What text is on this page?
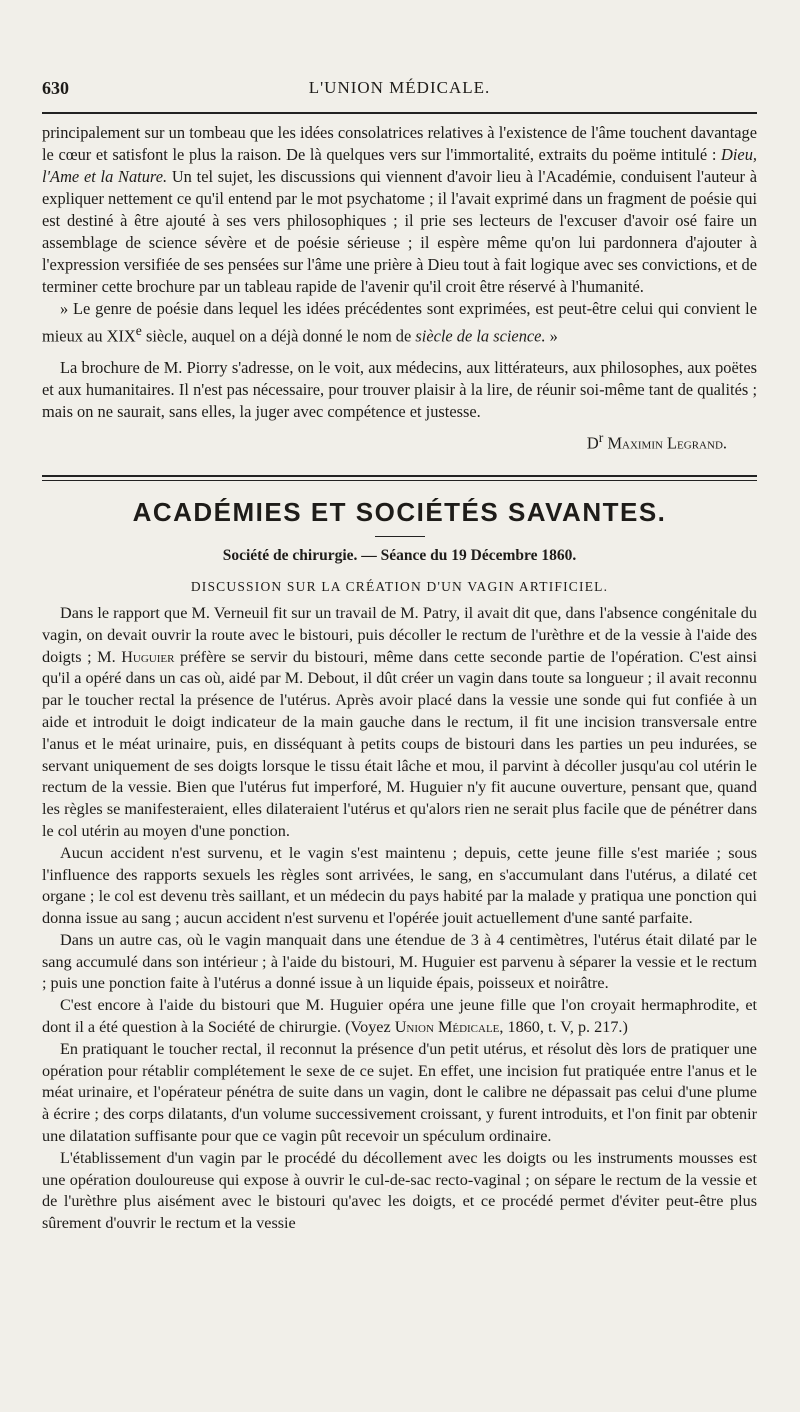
630	L'UNION MÉDICALE.

principalement sur un tombeau que les idées consolatrices relatives à l'existence de l'âme touchent davantage le cœur et satisfont le plus la raison. De là quelques vers sur l'immortalité, extraits du poëme intitulé : Dieu, l'Ame et la Nature. Un tel sujet, les discussions qui viennent d'avoir lieu à l'Académie, conduisent l'auteur à expliquer nettement ce qu'il entend par le mot psychatome ; il l'avait exprimé dans un fragment de poésie qui est destiné à être ajouté à ses vers philosophiques ; il prie ses lecteurs de l'excuser d'avoir osé faire un assemblage de science sévère et de poésie sérieuse ; il espère même qu'on lui pardonnera d'ajouter à l'expression versifiée de ses pensées sur l'âme une prière à Dieu tout à fait logique avec ses convictions, et de terminer cette brochure par un tableau rapide de l'avenir qu'il croit être réservé à l'humanité.

» Le genre de poésie dans lequel les idées précédentes sont exprimées, est peut-être celui qui convient le mieux au XIXe siècle, auquel on a déjà donné le nom de siècle de la science. »

La brochure de M. Piorry s'adresse, on le voit, aux médecins, aux littérateurs, aux philosophes, aux poëtes et aux humanitaires. Il n'est pas nécessaire, pour trouver plaisir à la lire, de réunir soi-même tant de qualités ; mais on ne saurait, sans elles, la juger avec compétence et justesse.

$D^r$ Maximin Legrand.

ACADÉMIES ET SOCIÉTÉS SAVANTES.
Société de chirurgie. — Séance du 19 Décembre 1860.
DISCUSSION SUR LA CRÉATION D'UN VAGIN ARTIFICIEL.

Dans le rapport que M. Verneuil fit sur un travail de M. Patry, il avait dit que, dans l'absence congénitale du vagin, on devait ouvrir la route avec le bistouri, puis décoller le rectum de l'urèthre et de la vessie à l'aide des doigts ; M. Huguier préfère se servir du bistouri, même dans cette seconde partie de l'opération. C'est ainsi qu'il a opéré dans un cas où, aidé par M. Debout, il dût créer un vagin dans toute sa longueur ; il avait reconnu par le toucher rectal la présence de l'utérus. Après avoir placé dans la vessie une sonde qui fut confiée à un aide et introduit le doigt indicateur de la main gauche dans le rectum, il fit une incision transversale entre l'anus et le méat urinaire, puis, en disséquant à petits coups de bistouri dans les parties un peu indurées, se servant uniquement de ses doigts lorsque le tissu était lâche et mou, il parvint à décoller jusqu'au col utérin le rectum de la vessie. Bien que l'utérus fut imperforé, M. Huguier n'y fit aucune ouverture, pensant que, quand les règles se manifesteraient, elles dilateraient l'utérus et qu'alors rien ne serait plus facile que de pénétrer dans le col utérin au moyen d'une ponction.

Aucun accident n'est survenu, et le vagin s'est maintenu ; depuis, cette jeune fille s'est mariée ; sous l'influence des rapports sexuels les règles sont arrivées, le sang, en s'accumulant dans l'utérus, a dilaté cet organe ; le col est devenu très saillant, et un médecin du pays habité par la malade y pratiqua une ponction qui donna issue au sang ; aucun accident n'est survenu et l'opérée jouit actuellement d'une santé parfaite.

Dans un autre cas, où le vagin manquait dans une étendue de 3 à 4 centimètres, l'utérus était dilaté par le sang accumulé dans son intérieur ; à l'aide du bistouri, M. Huguier est parvenu à séparer la vessie et le rectum ; puis une ponction faite à l'utérus a donné issue à un liquide épais, poisseux et noirâtre.

C'est encore à l'aide du bistouri que M. Huguier opéra une jeune fille que l'on croyait hermaphrodite, et dont il a été question à la Société de chirurgie. (Voyez Union Médicale, 1860, t. V, p. 217.)

En pratiquant le toucher rectal, il reconnut la présence d'un petit utérus, et résolut dès lors de pratiquer une opération pour rétablir complétement le sexe de ce sujet. En effet, une incision fut pratiquée entre l'anus et le méat urinaire, et l'opérateur pénétra de suite dans un vagin, dont le calibre ne dépassait pas celui d'une plume à écrire ; des corps dilatants, d'un volume successivement croissant, y furent introduits, et l'on finit par obtenir une dilatation suffisante pour que ce vagin pût recevoir un spéculum ordinaire.

L'établissement d'un vagin par le procédé du décollement avec les doigts ou les instruments mousses est une opération douloureuse qui expose à ouvrir le cul-de-sac recto-vaginal ; on sépare le rectum de la vessie et de l'urèthre plus aisément avec le bistouri qu'avec les doigts, et ce procédé permet d'éviter peut-être plus sûrement d'ouvrir le rectum et la vessie
